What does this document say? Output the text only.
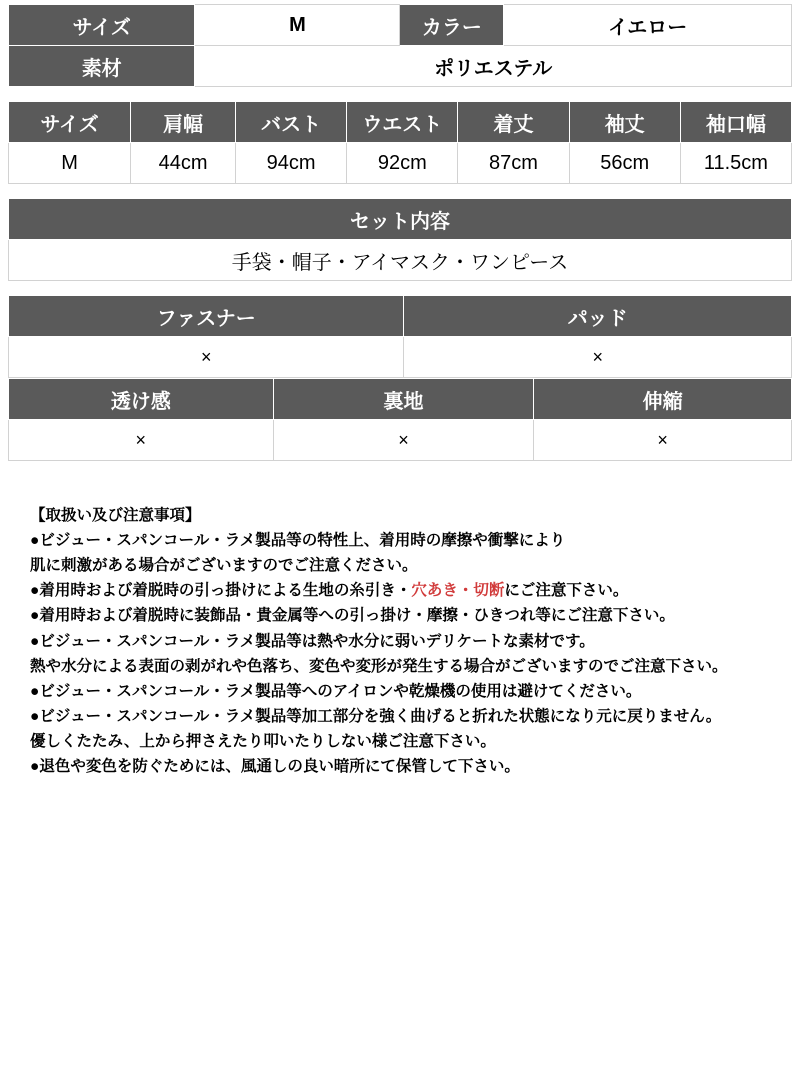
サイズ	M	カラー	イエロー
素材	ポリエステル		
サイズ	肩幅	バスト	ウエスト	着丈	袖丈	袖口幅
M	44cm	94cm	92cm	87cm	56cm	11.5cm
セット内容
手袋・帽子・アイマスク・ワンピース
ファスナー	パッド
×	×
透け感	裏地	伸縮
×	×	×
【取扱い及び注意事項】
●ビジュー・スパンコール・ラメ製品等の特性上、着用時の摩擦や衝撃により
肌に刺激がある場合がございますのでご注意ください。
●着用時および着脱時の引っ掛けによる生地の糸引き・穴あき・切断にご注意下さい。
●着用時および着脱時に装飾品・貴金属等への引っ掛け・摩擦・ひきつれ等にご注意下さい。
●ビジュー・スパンコール・ラメ製品等は熱や水分に弱いデリケートな素材です。
熱や水分による表面の剥がれや色落ち、変色や変形が発生する場合がございますのでご注意下さい。
●ビジュー・スパンコール・ラメ製品等へのアイロンや乾燥機の使用は避けてください。
●ビジュー・スパンコール・ラメ製品等加工部分を強く曲げると折れた状態になり元に戻りません。
優しくたたみ、上から押さえたり叩いたりしない様ご注意下さい。
●退色や変色を防ぐためには、風通しの良い暗所にて保管して下さい。
